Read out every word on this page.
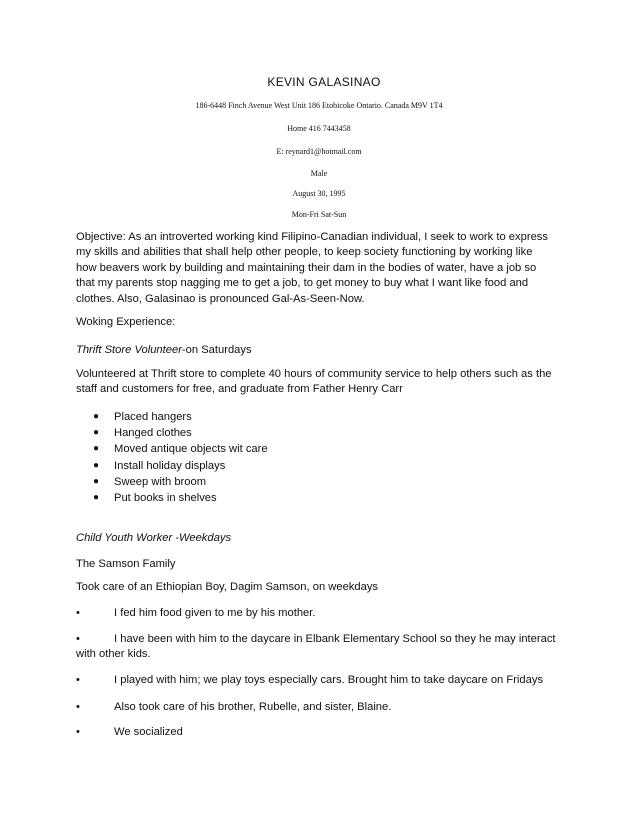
KEVIN GALASINAO
186-6448 Finch Avenue West Unit 186 Etobicoke Ontario. Canada M9V 1T4
Home 416 7443458
E: reynard1@hotmail.com
Male
August 30, 1995
Mon-Fri Sat-Sun
Objective: As an introverted working kind Filipino-Canadian individual, I seek to work to express my skills and abilities that shall help other people, to keep society functioning by working like how beavers work by building and maintaining their dam in the bodies of water, have a job so that my parents stop nagging me to get a job, to get money to buy what I want like food and clothes. Also, Galasinao is pronounced Gal-As-Seen-Now.
Woking Experience:
Thrift Store Volunteer-on Saturdays
Volunteered at Thrift store to complete 40 hours of community service to help others such as the staff and customers for free, and graduate from Father Henry Carr
● Placed hangers
● Hanged clothes
● Moved antique objects wit care
● Install holiday displays
● Sweep with broom
● Put books in shelves
Child Youth Worker -Weekdays
The Samson Family
Took care of an Ethiopian Boy, Dagim Samson, on weekdays
•	I fed him food given to me by his mother.
•	I have been with him to the daycare in Elbank Elementary School so they he may interact with other kids.
•	I played with him; we play toys especially cars. Brought him to take daycare on Fridays
•	Also took care of his brother, Rubelle, and sister, Blaine.
•	We socialized
